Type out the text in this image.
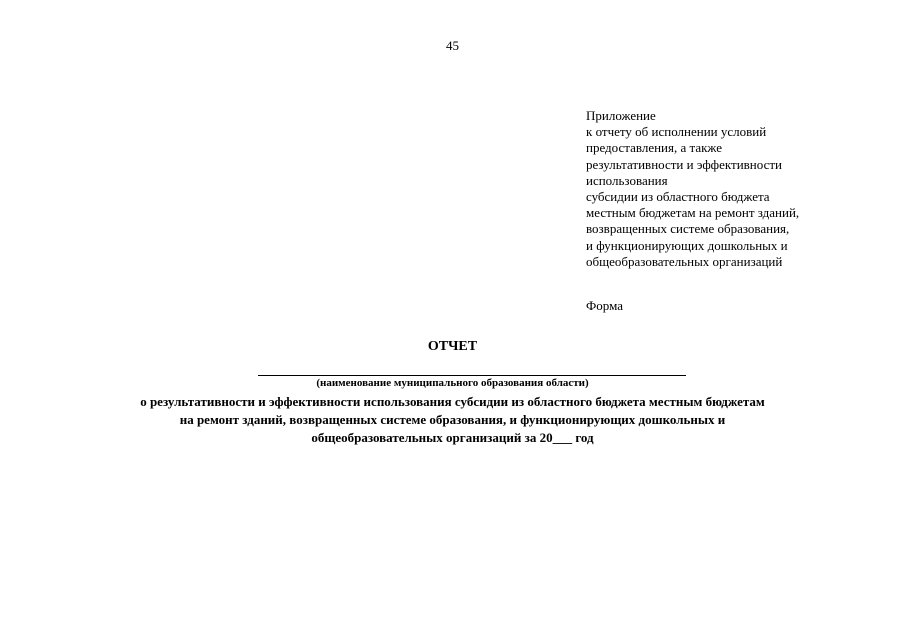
45
Приложение
к отчету об исполнении условий
предоставления, а также
результативности и эффективности
использования
субсидии из областного бюджета
местным бюджетам на ремонт зданий,
возвращенных системе образования,
и функционирующих дошкольных и
общеобразовательных организаций
Форма
ОТЧЕТ
(наименование муниципального образования области)
о результативности и эффективности использования субсидии из областного бюджета местным бюджетам
на ремонт зданий, возвращенных системе образования, и функционирующих дошкольных и
общеобразовательных организаций за 20___ год
